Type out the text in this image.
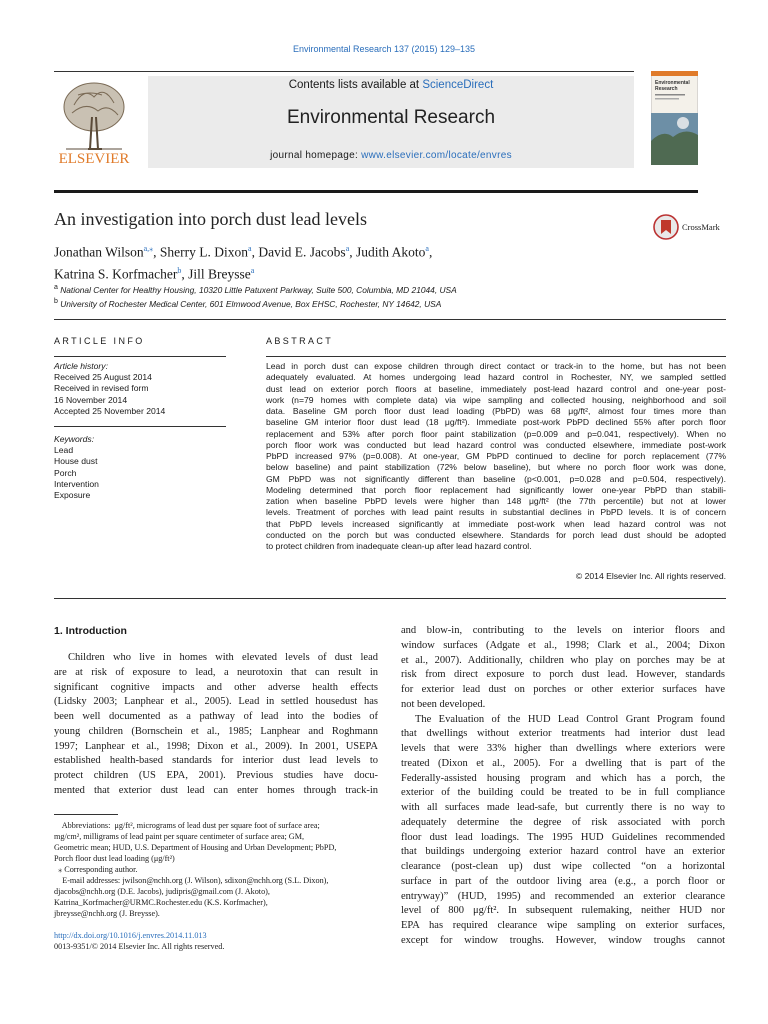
Environmental Research 137 (2015) 129–135
ELSEVIER
Contents lists available at ScienceDirect
Environmental Research
journal homepage: www.elsevier.com/locate/envres
Environmental
Research
An investigation into porch dust lead levels	CrossMark
Jonathan Wilson$^{a,⁎}$, Sherry L. Dixon$^a$, David E. Jacobs$^a$, Judith Akoto$^a$,
Katrina S. Korfmacher$^b$, Jill Breysse$^a$
$^a$ National Center for Healthy Housing, 10320 Little Patuxent Parkway, Suite 500, Columbia, MD 21044, USA
$^b$ University of Rochester Medical Center, 601 Elmwood Avenue, Box EHSC, Rochester, NY 14642, USA
ARTICLE INFO	ABSTRACT
Article history:
Received 25 August 2014
Received in revised form
16 November 2014
Accepted 25 November 2014
Keywords:
Lead
House dust
Porch
Intervention
Exposure
Lead in porch dust can expose children through direct contact or track-in to the home, but has not been
adequately evaluated. At homes undergoing lead hazard control in Rochester, NY, we sampled settled
dust lead on exterior porch floors at baseline, immediately post-lead hazard control and one-year post-
work (n=79 homes with complete data) via wipe sampling and collected housing, neighborhood and soil
data. Baseline GM porch floor dust lead loading (PbPD) was 68 μg/ft², almost four times more than
baseline GM interior floor dust lead (18 μg/ft²). Immediate post-work PbPD declined 55% after porch floor
replacement and 53% after porch floor paint stabilization (p=0.009 and p=0.041, respectively). When no
porch floor work was conducted but lead hazard control was conducted elsewhere, immediate post-work
PbPD increased 97% (p=0.008). At one-year, GM PbPD continued to decline for porch replacement (77%
below baseline) and paint stabilization (72% below baseline), but where no porch floor work was done,
GM PbPD was not significantly different than baseline (p<0.001, p=0.028 and p=0.504, respectively).
Modeling determined that porch floor replacement had significantly lower one-year PbPD than stabili-
zation when baseline PbPD levels were higher than 148 μg/ft² (the 77th percentile) but not at lower
levels. Treatment of porches with lead paint results in substantial declines in PbPD levels. It is of concern
that PbPD levels increased significantly at immediate post-work when lead hazard control was not
conducted on the porch but was conducted elsewhere. Standards for porch lead dust should be adopted
to protect children from inadequate clean-up after lead hazard control.
© 2014 Elsevier Inc. All rights reserved.
1. Introduction
Children who live in homes with elevated levels of dust lead
are at risk of exposure to lead, a neurotoxin that can result in
significant cognitive impacts and other adverse health effects
(Lidsky 2003; Lanphear et al., 2005). Lead in settled housedust has
been well documented as a pathway of lead into the bodies of
young children (Bornschein et al., 1985; Lanphear and Roghmann
1997; Lanphear et al., 1998; Dixon et al., 2009). In 2001, USEPA
established health-based standards for interior dust lead levels to
protect children (US EPA, 2001). Previous studies have docu-
mented that exterior dust lead can enter homes through track-in
and blow-in, contributing to the levels on interior floors and
window surfaces (Adgate et al., 1998; Clark et al., 2004; Dixon
et al., 2007). Additionally, children who play on porches may be at
risk from direct exposure to porch dust lead. However, standards
for exterior lead dust on porches or other exterior surfaces have
not been developed.
The Evaluation of the HUD Lead Control Grant Program found
that dwellings without exterior treatments had interior dust lead
levels that were 33% higher than dwellings where exteriors were
treated (Dixon et al., 2005). For a dwelling that is part of the
Federally-assisted housing program and which has a porch, the
exterior of the building could be treated to be in full compliance
with all surfaces made lead-safe, but currently there is no way to
adequately determine the degree of risk associated with porch
floor dust lead loadings. The 1995 HUD Guidelines recommended
that buildings undergoing exterior hazard control have an exterior
clearance (post-clean up) dust wipe collected “on a horizontal
surface in part of the outdoor living area (e.g., a porch floor or
entryway)” (HUD, 1995) and recommended an exterior clearance
level of 800 μg/ft². In subsequent rulemaking, neither HUD nor
EPA has required clearance wipe sampling on exterior surfaces,
except for window troughs. However, window troughs cannot
Abbreviations:  μg/ft², micrograms of lead dust per square foot of surface area;
mg/cm², milligrams of lead paint per square centimeter of surface area; GM,
Geometric mean; HUD, U.S. Department of Housing and Urban Development; PbPD,
Porch floor dust lead loading (μg/ft²)
⁎ Corresponding author.
E-mail addresses: jwilson@nchh.org (J. Wilson), sdixon@nchh.org (S.L. Dixon),
djacobs@nchh.org (D.E. Jacobs), judipris@gmail.com (J. Akoto),
Katrina_Korfmacher@URMC.Rochester.edu (K.S. Korfmacher),
jbreysse@nchh.org (J. Breysse).
http://dx.doi.org/10.1016/j.envres.2014.11.013
0013-9351/© 2014 Elsevier Inc. All rights reserved.
